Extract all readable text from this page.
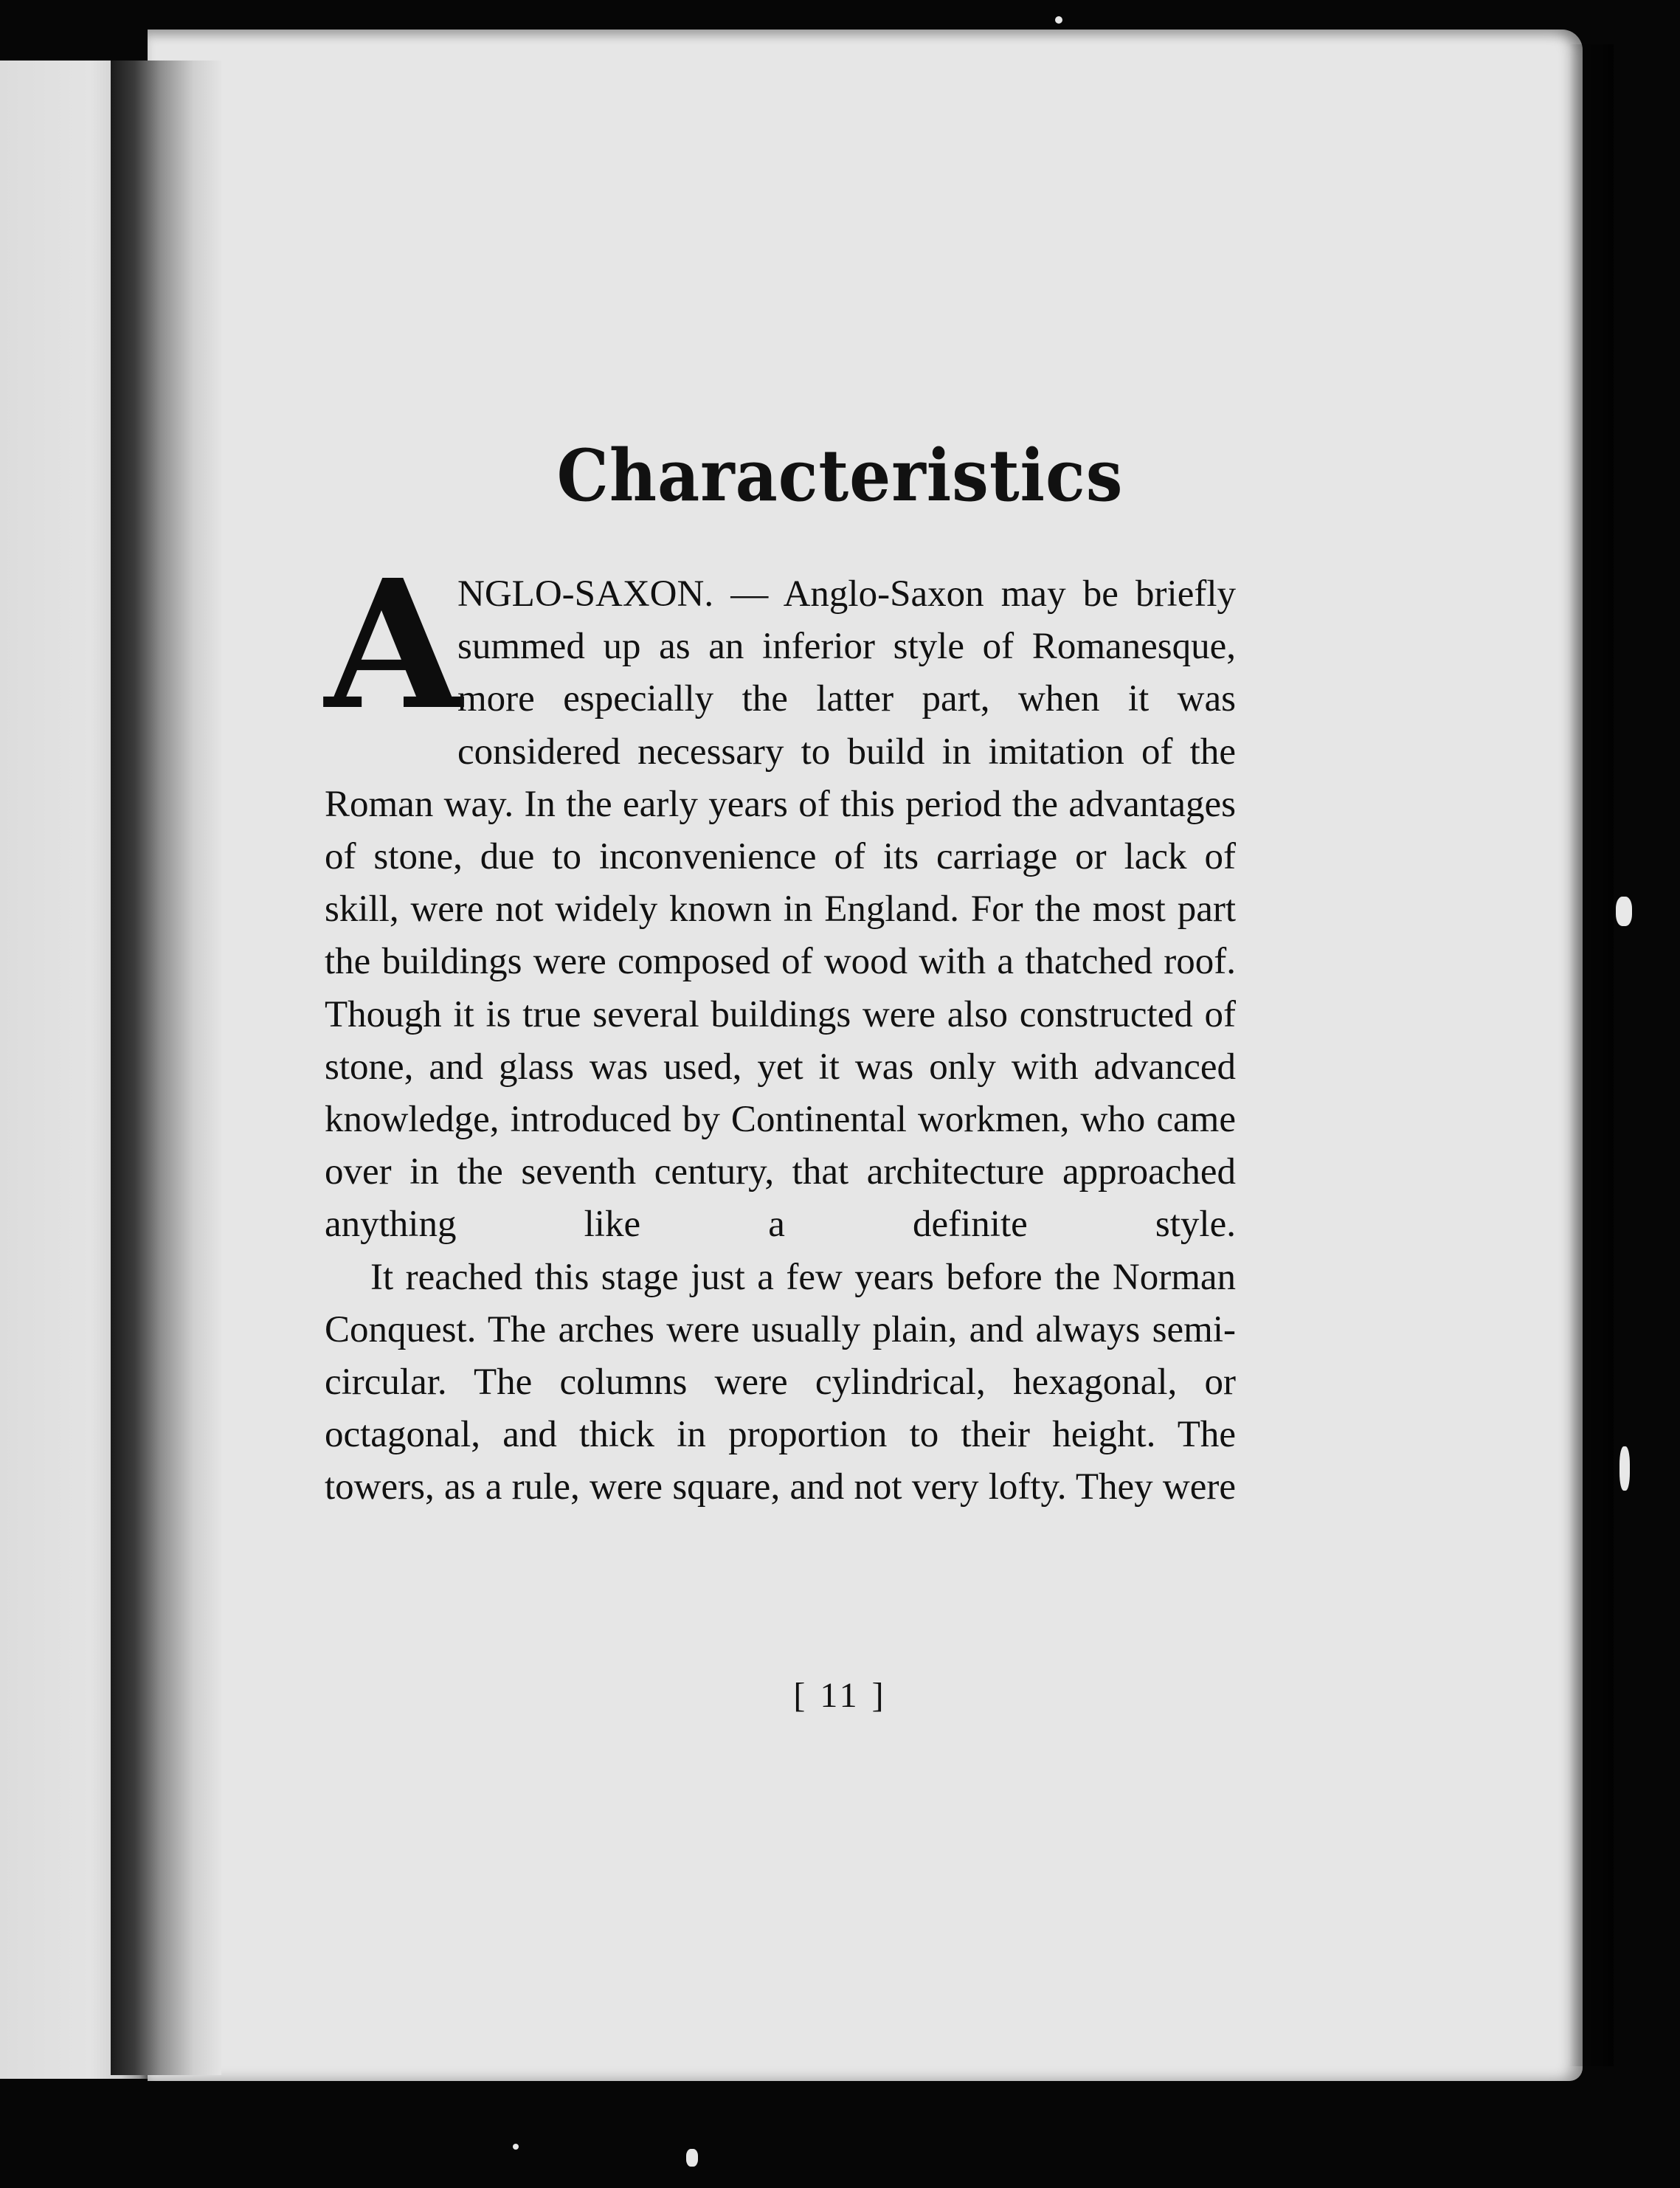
Characteristics

A
NGLO-SAXON. — Anglo-Saxon may be briefly summed up as an inferior style of Romanesque, more especially the latter part, when it was considered necessary to build in imitation of the Roman way. In the early years of this period the advantages of stone, due to inconvenience of its carriage or lack of skill, were not widely known in England. For the most part the buildings were composed of wood with a thatched roof. Though it is true several buildings were also constructed of stone, and glass was used, yet it was only with advanced knowledge, introduced by Continental workmen, who came over in the seventh century, that architecture approached anything like a definite style.

It reached this stage just a few years before the Norman Conquest. The arches were usually plain, and always semi-circular. The columns were cylindrical, hexagonal, or octagonal, and thick in proportion to their height. The towers, as a rule, were square, and not very lofty. They were

[ 11 ]
